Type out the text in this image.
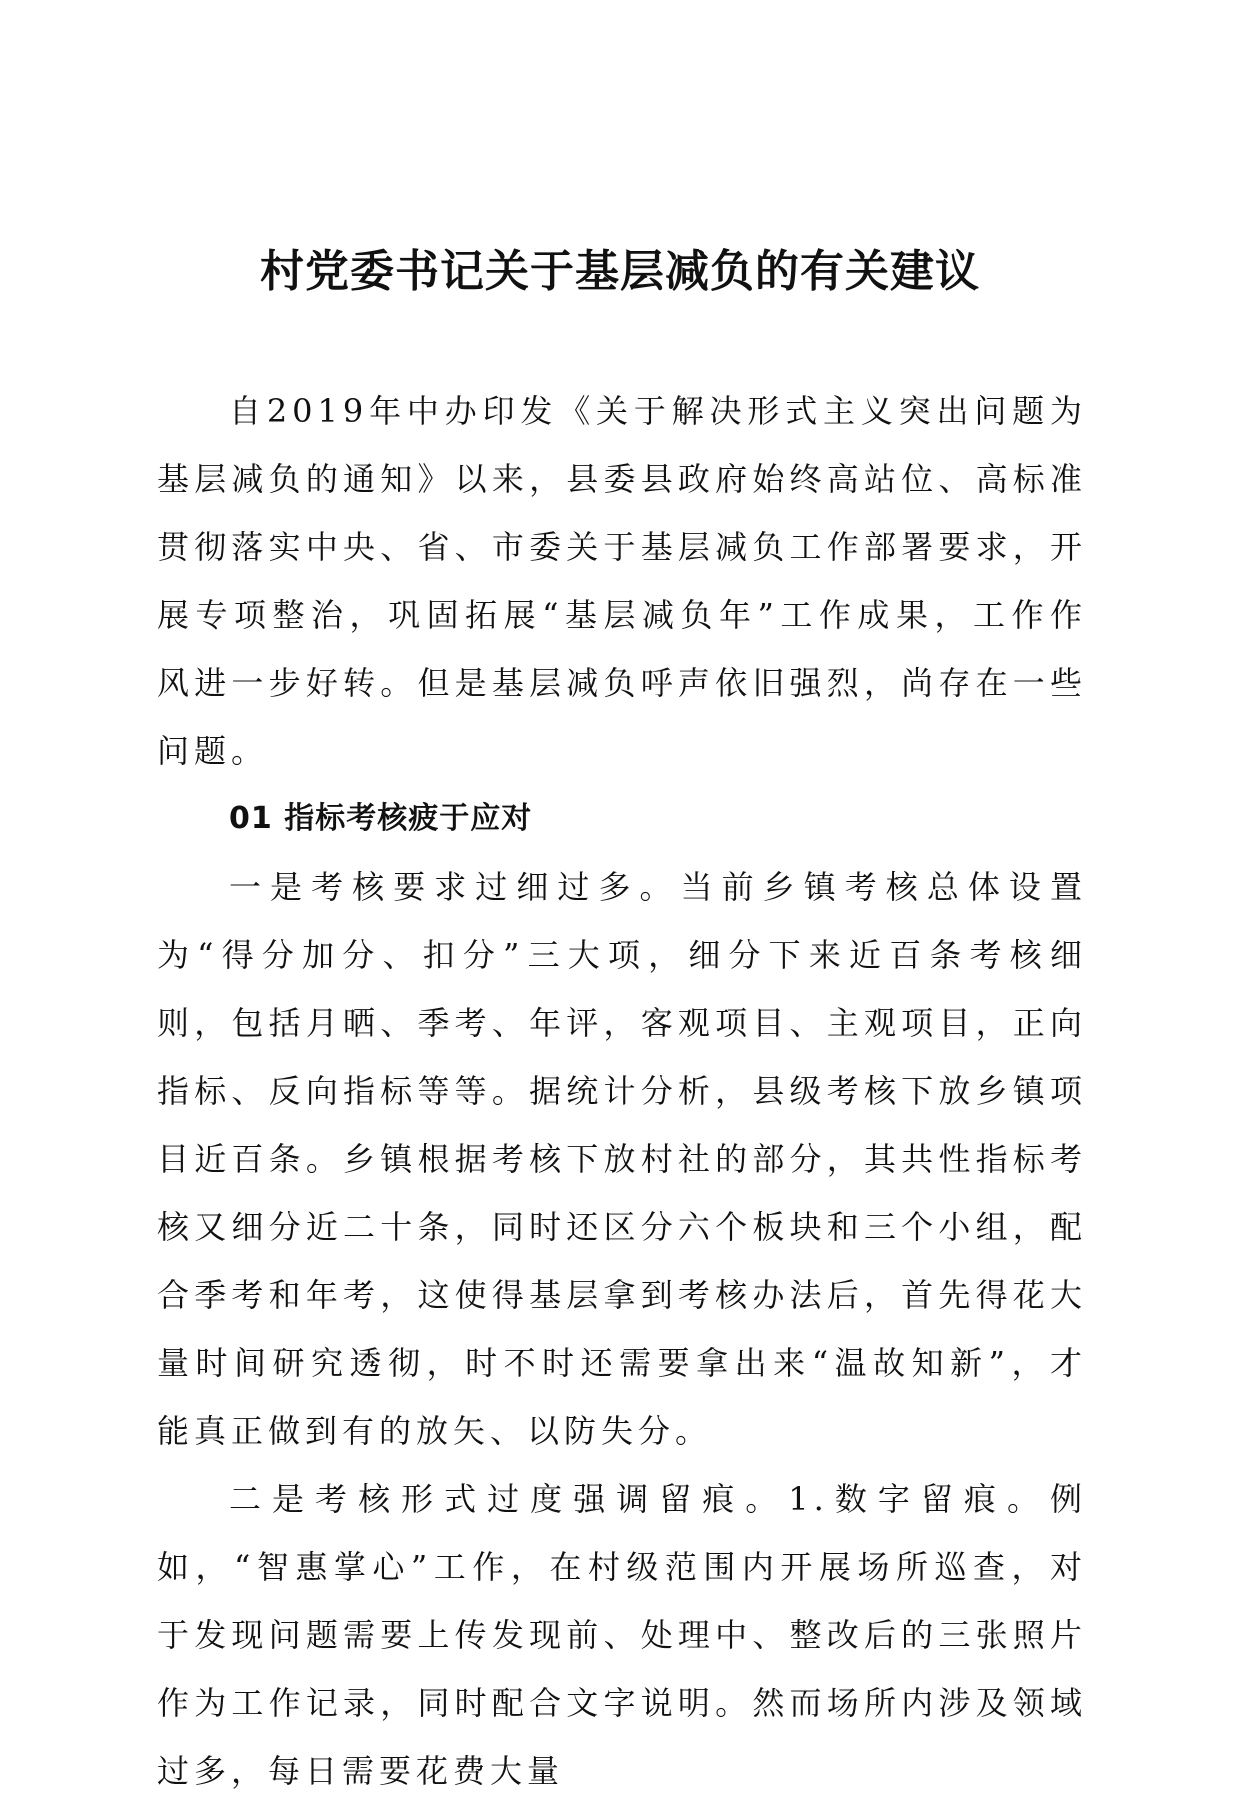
村党委书记关于基层减负的有关建议

自2019年中办印发《关于解决形式主义突出问题为基层减负的通知》以来，县委县政府始终高站位、高标准贯彻落实中央、省、市委关于基层减负工作部署要求，开展专项整治，巩固拓展“基层减负年”工作成果，工作作风进一步好转。但是基层减负呼声依旧强烈，尚存在一些问题。

01 指标考核疲于应对

一是考核要求过细过多。当前乡镇考核总体设置为“得分加分、扣分”三大项，细分下来近百条考核细则，包括月晒、季考、年评，客观项目、主观项目，正向指标、反向指标等等。据统计分析，县级考核下放乡镇项目近百条。乡镇根据考核下放村社的部分，其共性指标考核又细分近二十条，同时还区分六个板块和三个小组，配合季考和年考，这使得基层拿到考核办法后，首先得花大量时间研究透彻，时不时还需要拿出来“温故知新”，才能真正做到有的放矢、以防失分。

二是考核形式过度强调留痕。1.数字留痕。例如，“智惠掌心”工作，在村级范围内开展场所巡查，对于发现问题需要上传发现前、处理中、整改后的三张照片作为工作记录，同时配合文字说明。然而场所内涉及领域过多，每日需要花费大量
